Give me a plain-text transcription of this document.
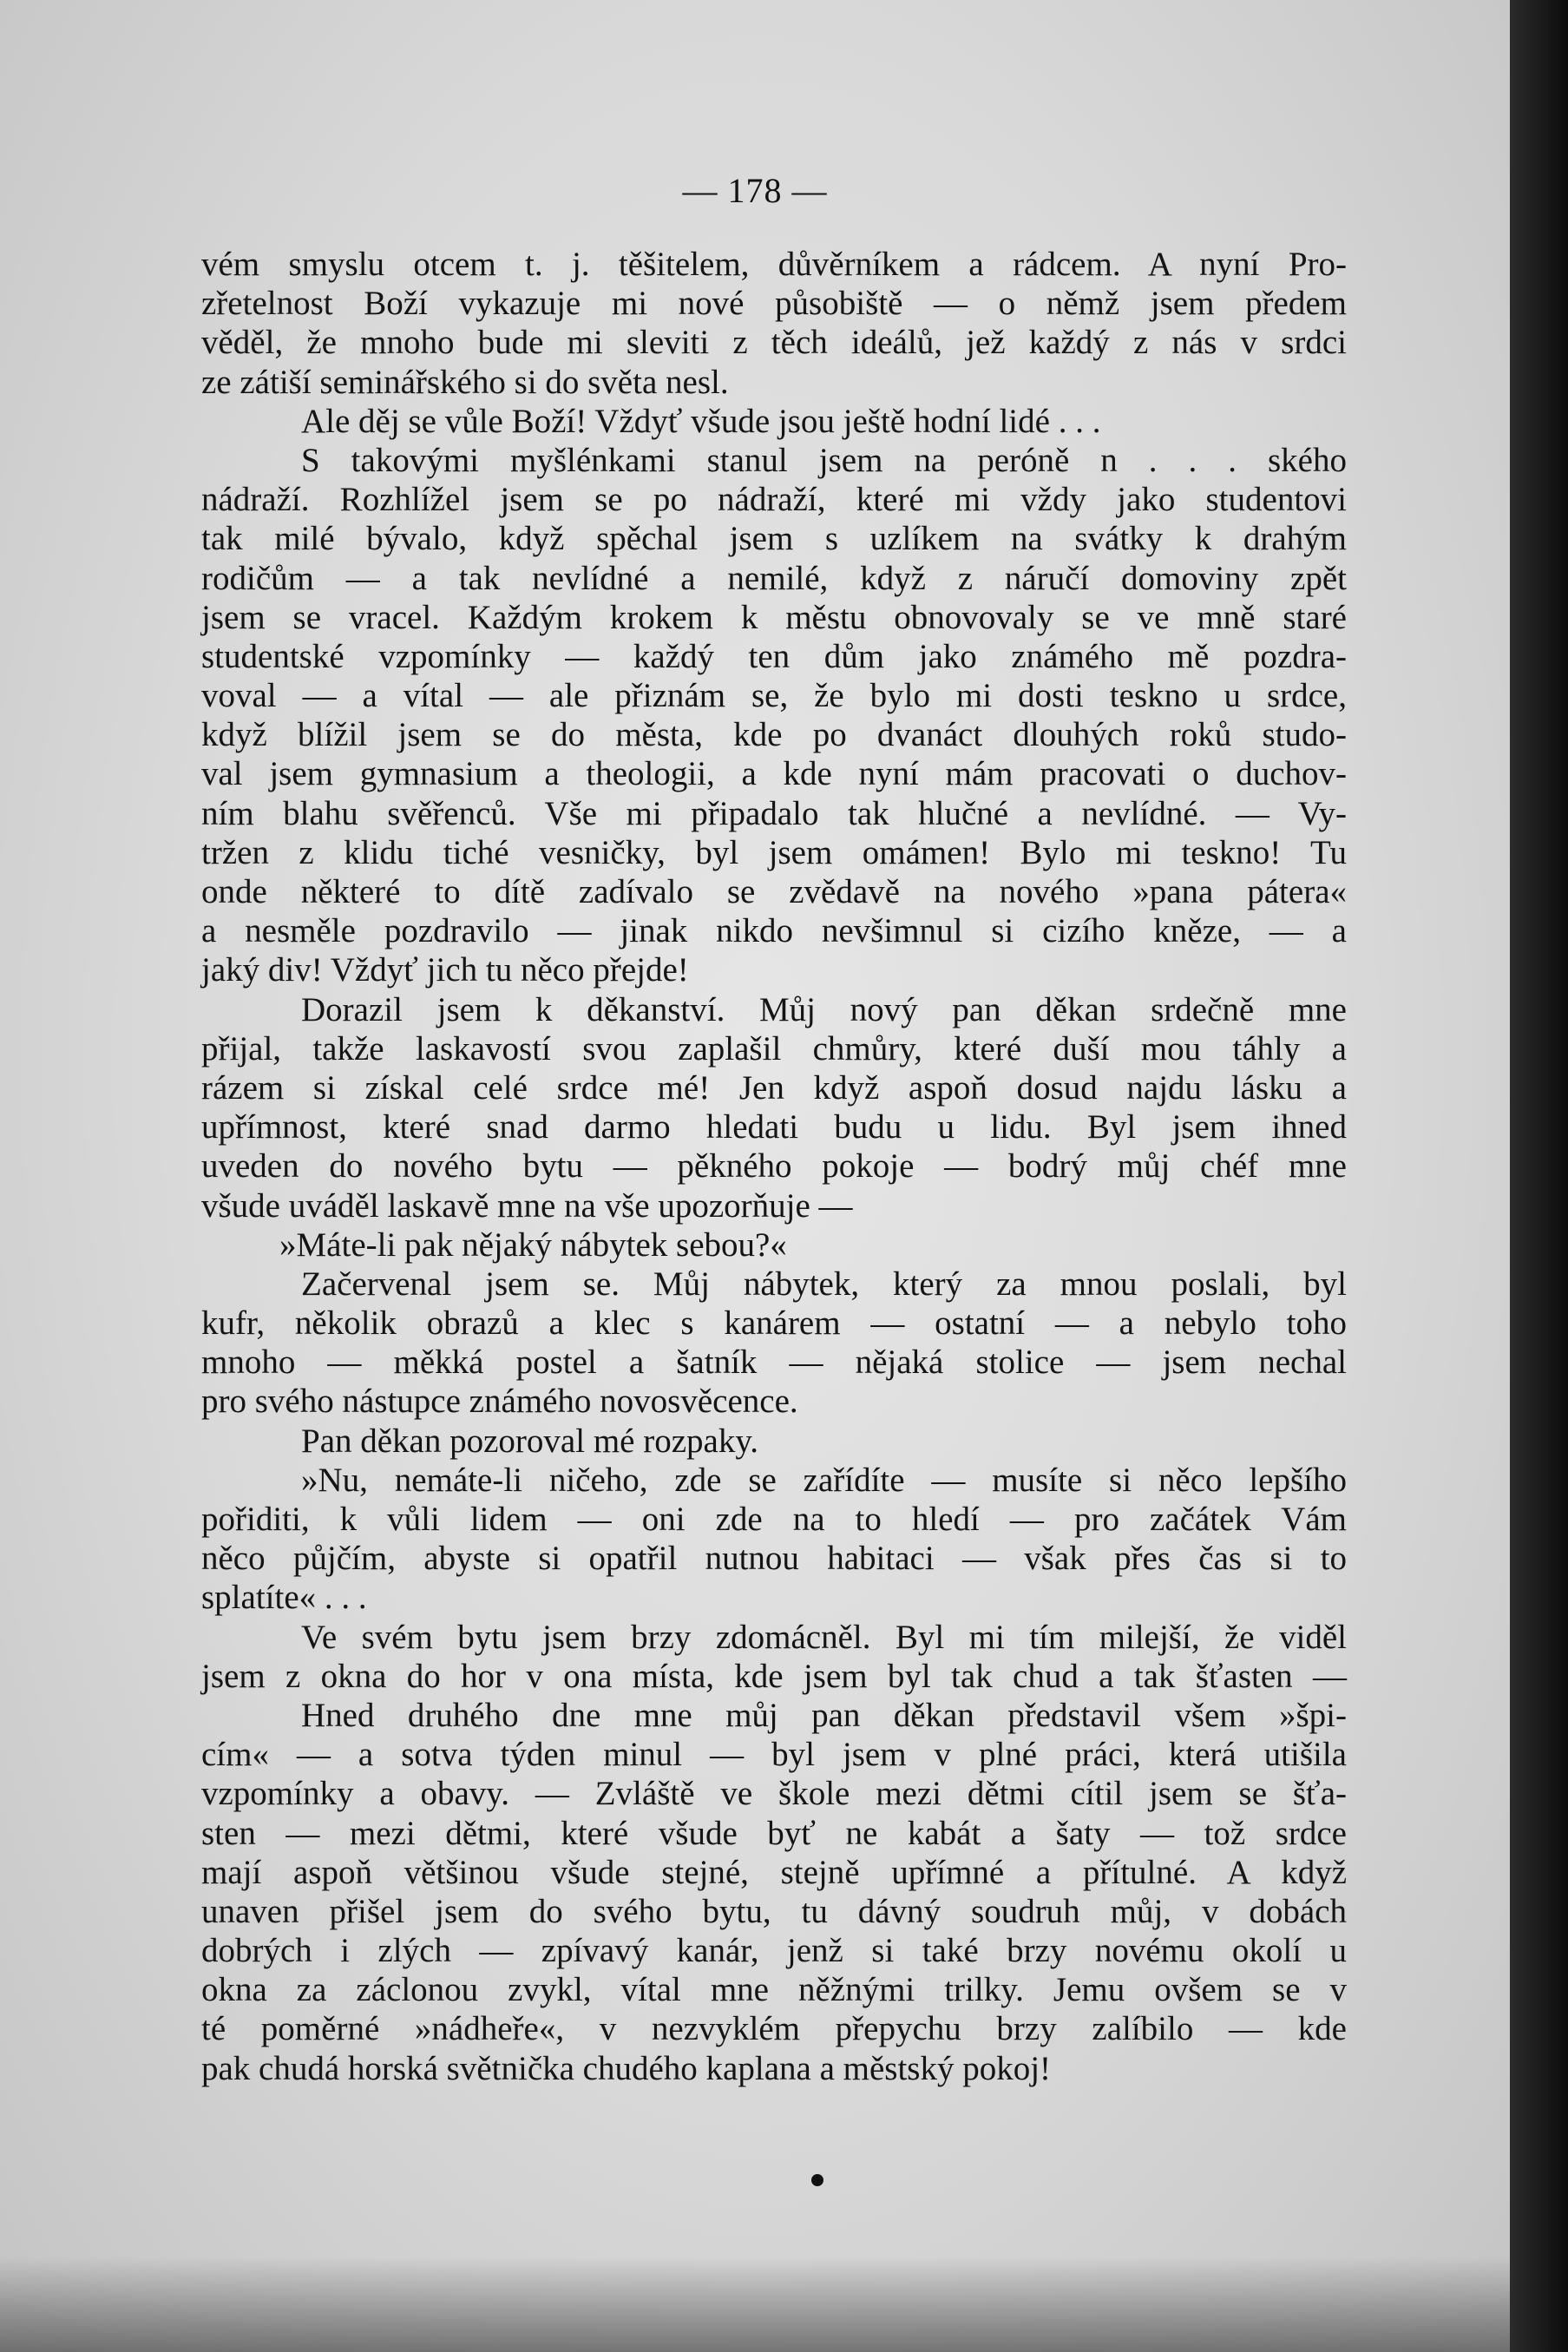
— 178 —
vém smyslu otcem t. j. těšitelem, důvěrníkem a rádcem. A nyní Pro-
zřetelnost Boží vykazuje mi nové působiště — o němž jsem předem
věděl, že mnoho bude mi sleviti z těch ideálů, jež každý z nás v srdci
ze zátiší seminářského si do světa nesl.
Ale děj se vůle Boží! Vždyť všude jsou ještě hodní lidé . . .
S takovými myšlénkami stanul jsem na peróně n . . . ského
nádraží. Rozhlížel jsem se po nádraží, které mi vždy jako studentovi
tak milé bývalo, když spěchal jsem s uzlíkem na svátky k drahým
rodičům — a tak nevlídné a nemilé, když z náručí domoviny zpět
jsem se vracel. Každým krokem k městu obnovovaly se ve mně staré
studentské vzpomínky — každý ten dům jako známého mě pozdra-
voval — a vítal — ale přiznám se, že bylo mi dosti teskno u srdce,
když blížil jsem se do města, kde po dvanáct dlouhých roků studo-
val jsem gymnasium a theologii, a kde nyní mám pracovati o duchov-
ním blahu svěřenců. Vše mi připadalo tak hlučné a nevlídné. — Vy-
tržen z klidu tiché vesničky, byl jsem omámen! Bylo mi teskno! Tu
onde některé to dítě zadívalo se zvědavě na nového »pana pátera«
a nesměle pozdravilo — jinak nikdo nevšimnul si cizího kněze, — a
jaký div! Vždyť jich tu něco přejde!
Dorazil jsem k děkanství. Můj nový pan děkan srdečně mne
přijal, takže laskavostí svou zaplašil chmůry, které duší mou táhly a
rázem si získal celé srdce mé! Jen když aspoň dosud najdu lásku a
upřímnost, které snad darmo hledati budu u lidu. Byl jsem ihned
uveden do nového bytu — pěkného pokoje — bodrý můj chéf mne
všude uváděl laskavě mne na vše upozorňuje —
»Máte-li pak nějaký nábytek sebou?«
Začervenal jsem se. Můj nábytek, který za mnou poslali, byl
kufr, několik obrazů a klec s kanárem — ostatní — a nebylo toho
mnoho — měkká postel a šatník — nějaká stolice — jsem nechal
pro svého nástupce známého novosvěcence.
Pan děkan pozoroval mé rozpaky.
»Nu, nemáte-li ničeho, zde se zařídíte — musíte si něco lepšího
pořiditi, k vůli lidem — oni zde na to hledí — pro začátek Vám
něco půjčím, abyste si opatřil nutnou habitaci — však přes čas si to
splatíte« . . .
Ve svém bytu jsem brzy zdomácněl. Byl mi tím milejší, že viděl
jsem z okna do hor v ona místa, kde jsem byl tak chud a tak šťasten —
Hned druhého dne mne můj pan děkan představil všem »špi-
cím« — a sotva týden minul — byl jsem v plné práci, která utišila
vzpomínky a obavy. — Zvláště ve škole mezi dětmi cítil jsem se šťa-
sten — mezi dětmi, které všude byť ne kabát a šaty — tož srdce
mají aspoň většinou všude stejné, stejně upřímné a přítulné. A když
unaven přišel jsem do svého bytu, tu dávný soudruh můj, v dobách
dobrých i zlých — zpívavý kanár, jenž si také brzy novému okolí u
okna za záclonou zvykl, vítal mne něžnými trilky. Jemu ovšem se v
té poměrné »nádheře«, v nezvyklém přepychu brzy zalíbilo — kde
pak chudá horská světnička chudého kaplana a městský pokoj!
